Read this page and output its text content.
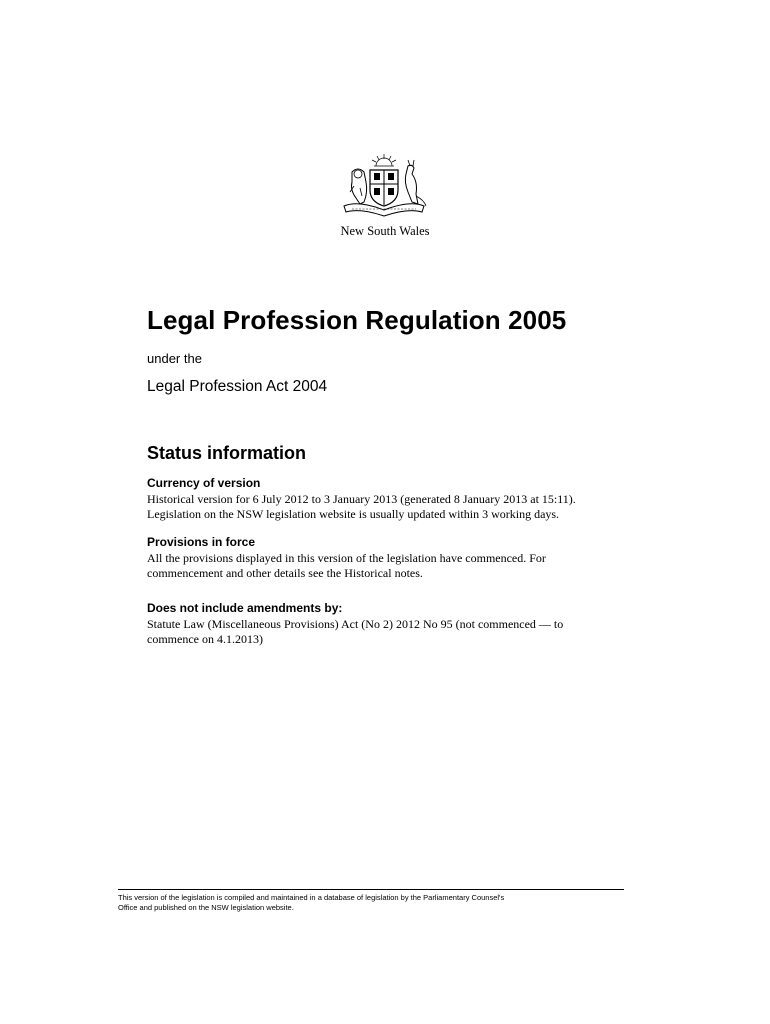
New South Wales
Legal Profession Regulation 2005
under the
Legal Profession Act 2004
Status information
Currency of version

Historical version for 6 July 2012 to 3 January 2013 (generated 8 January 2013 at 15:11).
Legislation on the NSW legislation website is usually updated within 3 working days.

Provisions in force

All the provisions displayed in this version of the legislation have commenced. For
commencement and other details see the Historical notes.

Does not include amendments by:

Statute Law (Miscellaneous Provisions) Act (No 2) 2012 No 95 (not commenced — to
commence on 4.1.2013)

This version of the legislation is compiled and maintained in a database of legislation by the Parliamentary Counsel's
Office and published on the NSW legislation website.
